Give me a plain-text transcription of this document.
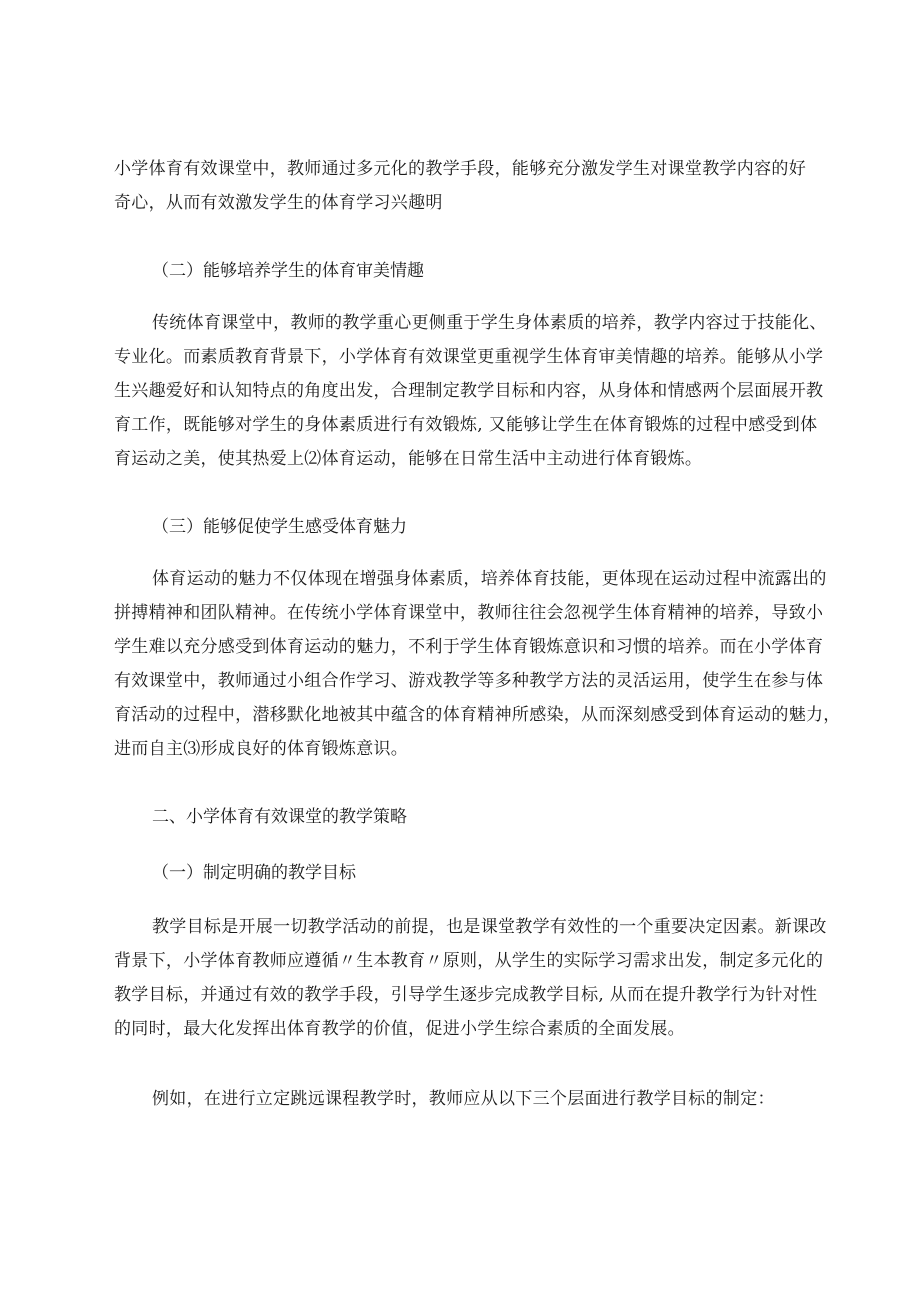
小学体育有效课堂中，教师通过多元化的教学手段，能够充分激发学生对课堂教学内容的好
奇心，从而有效激发学生的体育学习兴趣明

（二）能够培养学生的体育审美情趣

传统体育课堂中，教师的教学重心更侧重于学生身体素质的培养，教学内容过于技能化、
专业化。而素质教育背景下，小学体育有效课堂更重视学生体育审美情趣的培养。能够从小学
生兴趣爱好和认知特点的角度出发，合理制定教学目标和内容，从身体和情感两个层面展开教
育工作，既能够对学生的身体素质进行有效锻炼, 又能够让学生在体育锻炼的过程中感受到体
育运动之美，使其热爱上⑵体育运动，能够在日常生活中主动进行体育锻炼。

（三）能够促使学生感受体育魅力

体育运动的魅力不仅体现在增强身体素质，培养体育技能，更体现在运动过程中流露出的
拼搏精神和团队精神。在传统小学体育课堂中，教师往往会忽视学生体育精神的培养，导致小
学生难以充分感受到体育运动的魅力，不利于学生体育锻炼意识和习惯的培养。而在小学体育
有效课堂中，教师通过小组合作学习、游戏教学等多种教学方法的灵活运用，使学生在参与体
育活动的过程中，潜移默化地被其中蕴含的体育精神所感染，从而深刻感受到体育运动的魅力，
进而自主⑶形成良好的体育锻炼意识。

二、小学体育有效课堂的教学策略

（一）制定明确的教学目标

教学目标是开展一切教学活动的前提，也是课堂教学有效性的一个重要决定因素。新课改
背景下，小学体育教师应遵循〃生本教育〃原则，从学生的实际学习需求出发，制定多元化的
教学目标，并通过有效的教学手段，引导学生逐步完成教学目标, 从而在提升教学行为针对性
的同时，最大化发挥出体育教学的价值，促进小学生综合素质的全面发展。

例如，在进行立定跳远课程教学时，教师应从以下三个层面进行教学目标的制定：
